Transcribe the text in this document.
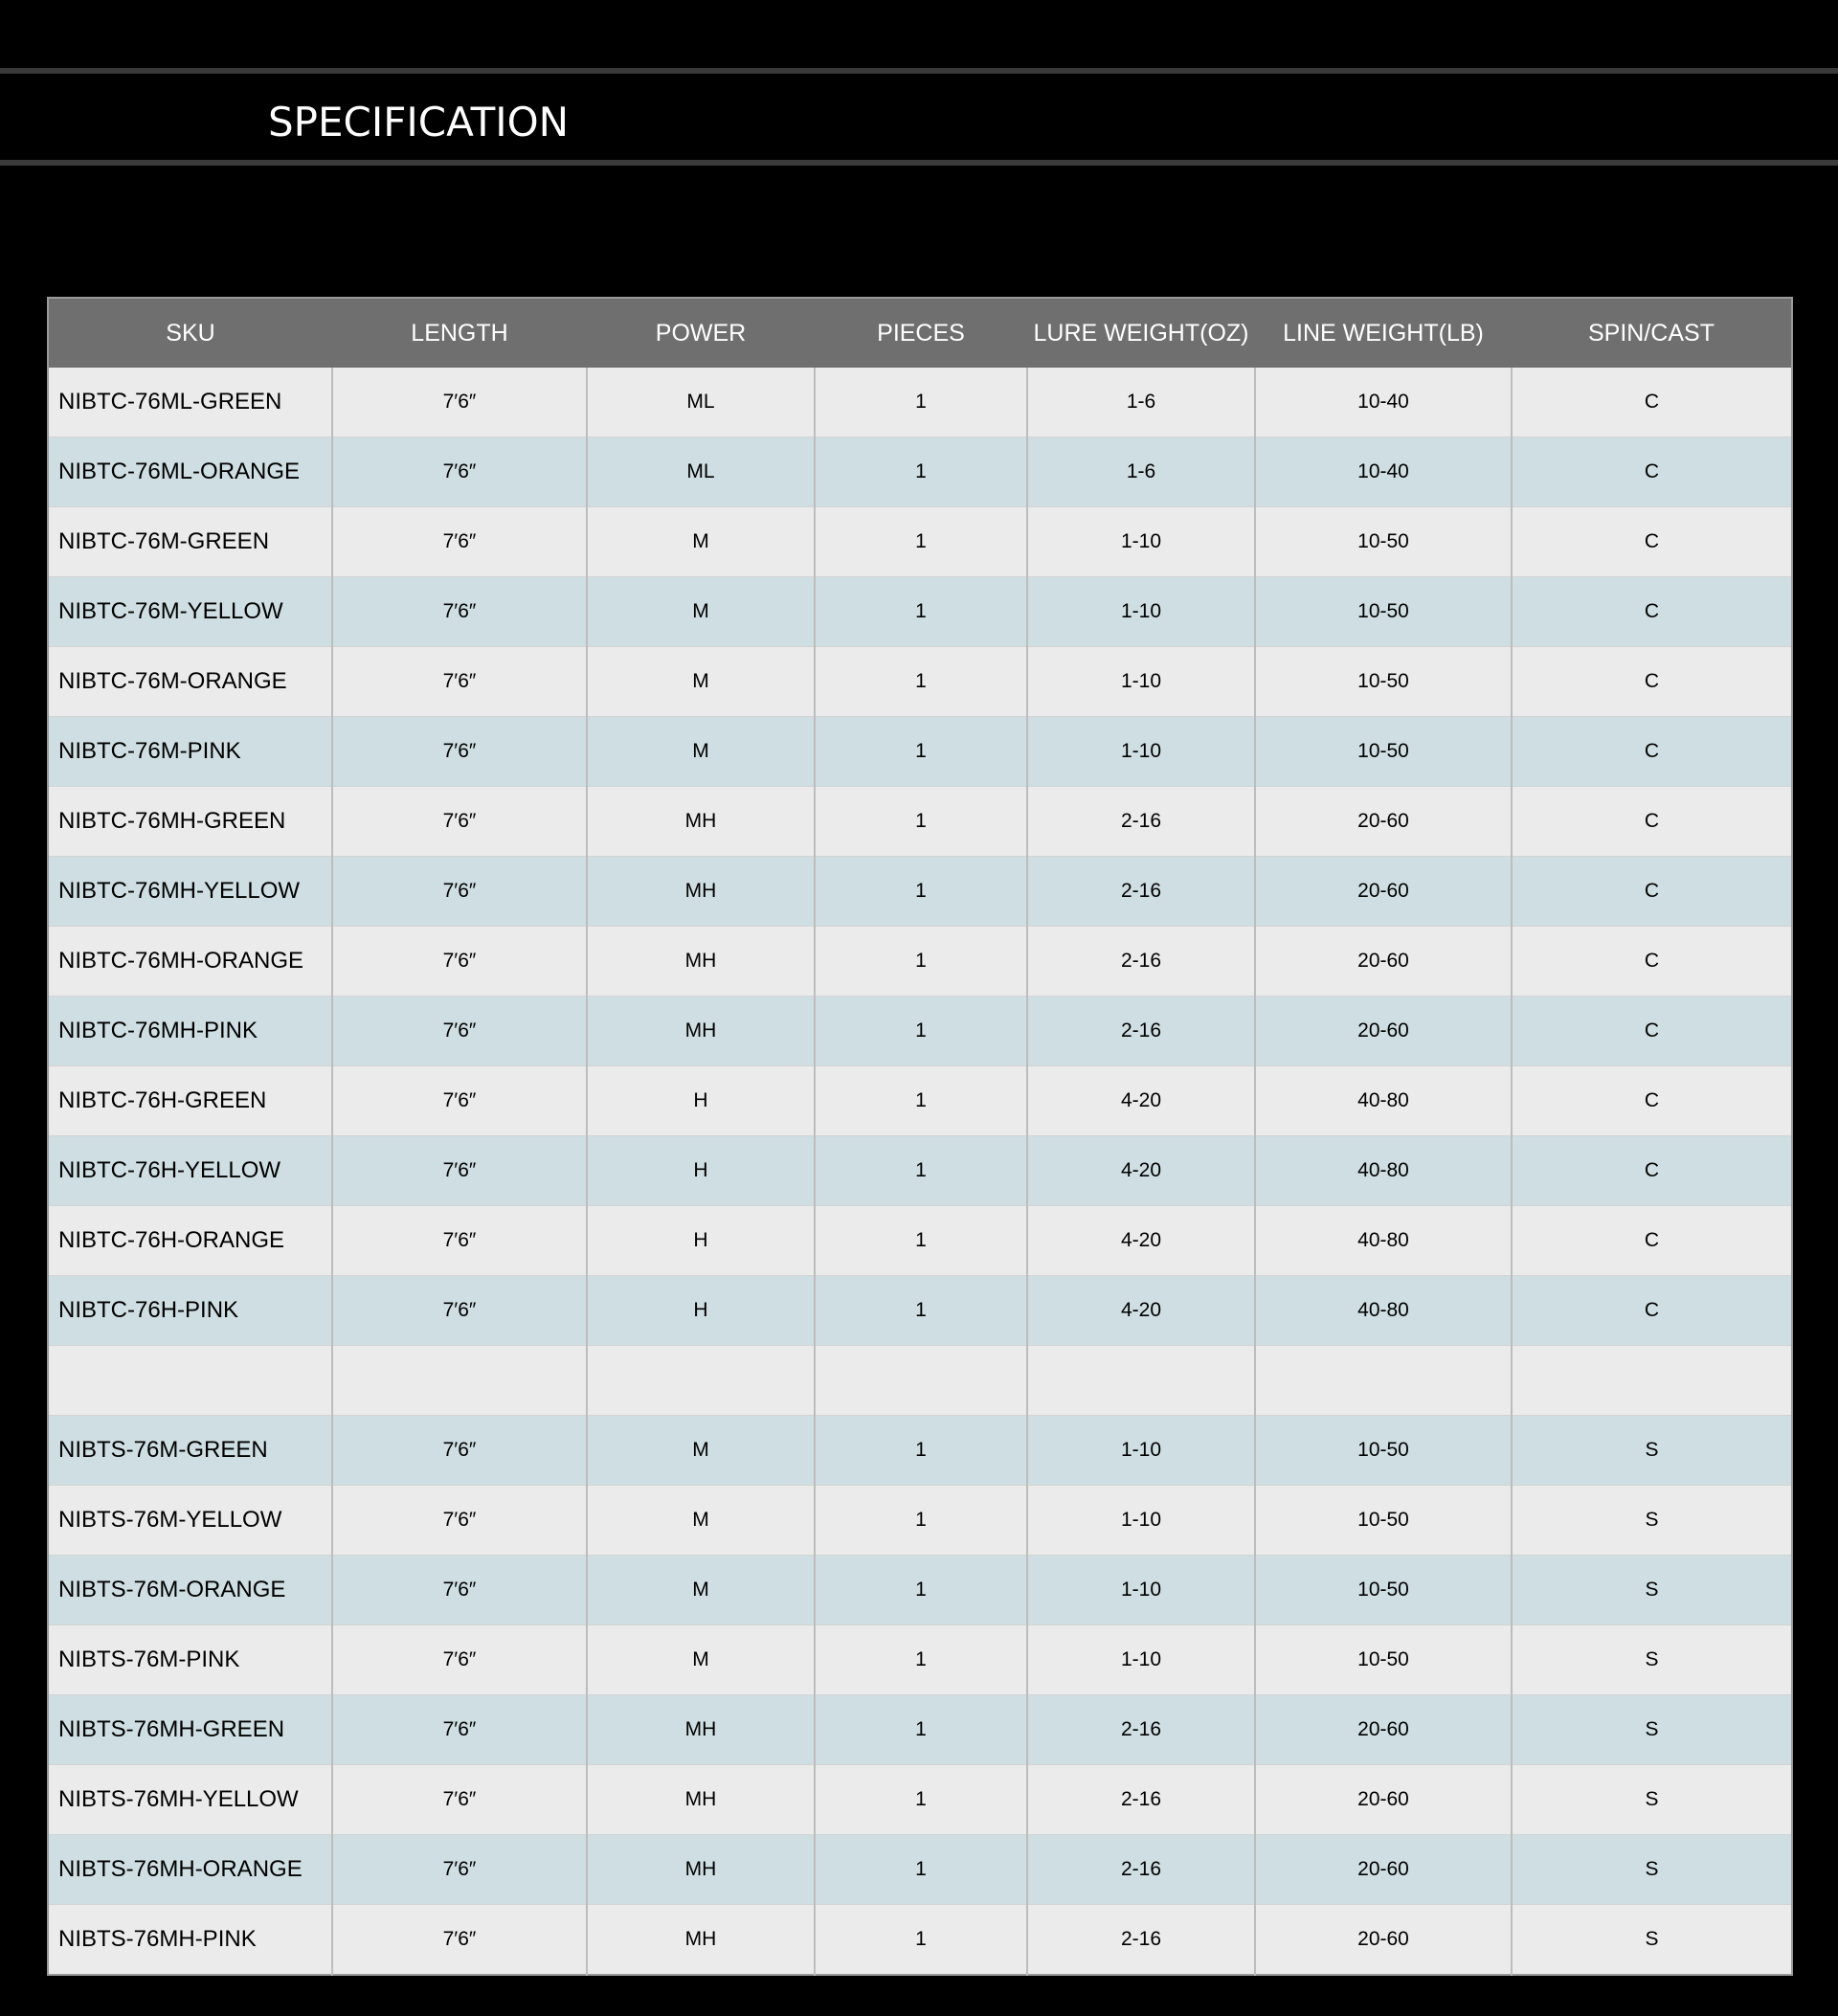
SPECIFICATION
SKU	LENGTH	POWER	PIECES	LURE WEIGHT(OZ)	LINE WEIGHT(LB)	SPIN/CAST
NIBTC-76ML-GREEN	7′6″	ML	1	1-6	10-40	C
NIBTC-76ML-ORANGE	7′6″	ML	1	1-6	10-40	C
NIBTC-76M-GREEN	7′6″	M	1	1-10	10-50	C
NIBTC-76M-YELLOW	7′6″	M	1	1-10	10-50	C
NIBTC-76M-ORANGE	7′6″	M	1	1-10	10-50	C
NIBTC-76M-PINK	7′6″	M	1	1-10	10-50	C
NIBTC-76MH-GREEN	7′6″	MH	1	2-16	20-60	C
NIBTC-76MH-YELLOW	7′6″	MH	1	2-16	20-60	C
NIBTC-76MH-ORANGE	7′6″	MH	1	2-16	20-60	C
NIBTC-76MH-PINK	7′6″	MH	1	2-16	20-60	C
NIBTC-76H-GREEN	7′6″	H	1	4-20	40-80	C
NIBTC-76H-YELLOW	7′6″	H	1	4-20	40-80	C
NIBTC-76H-ORANGE	7′6″	H	1	4-20	40-80	C
NIBTC-76H-PINK	7′6″	H	1	4-20	40-80	C

NIBTS-76M-GREEN	7′6″	M	1	1-10	10-50	S
NIBTS-76M-YELLOW	7′6″	M	1	1-10	10-50	S
NIBTS-76M-ORANGE	7′6″	M	1	1-10	10-50	S
NIBTS-76M-PINK	7′6″	M	1	1-10	10-50	S
NIBTS-76MH-GREEN	7′6″	MH	1	2-16	20-60	S
NIBTS-76MH-YELLOW	7′6″	MH	1	2-16	20-60	S
NIBTS-76MH-ORANGE	7′6″	MH	1	2-16	20-60	S
NIBTS-76MH-PINK	7′6″	MH	1	2-16	20-60	S
